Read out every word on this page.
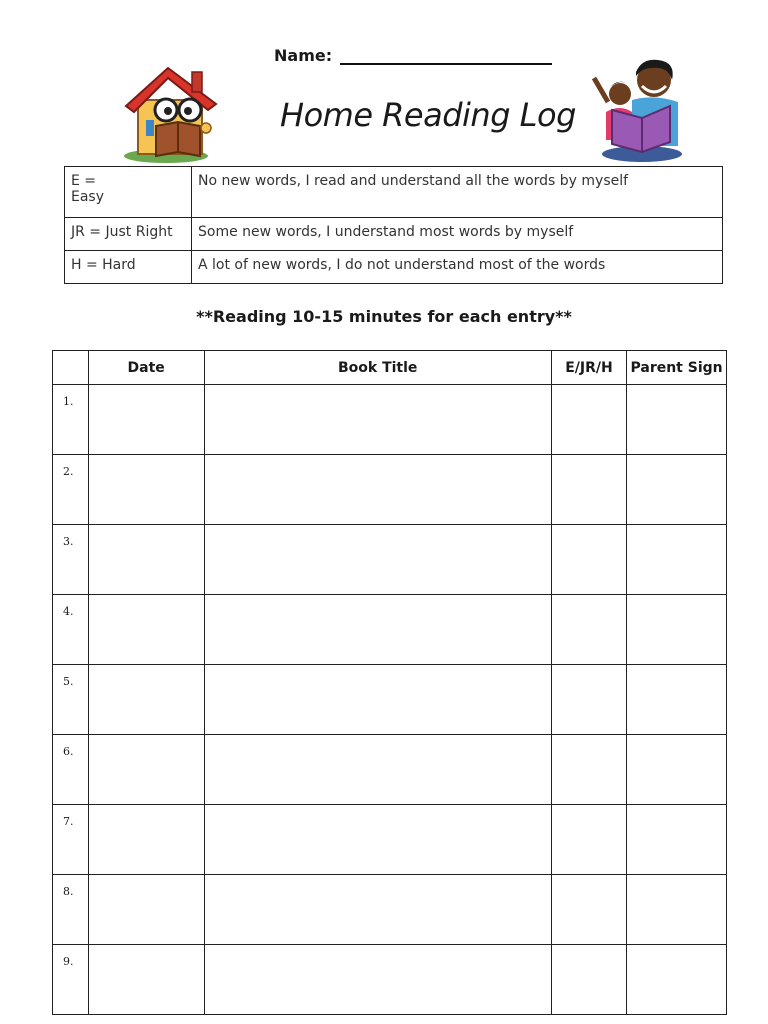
Name:
Home Reading Log
E =
Easy	No new words, I read and understand all the words by myself
JR = Just Right	Some new words, I understand most words by myself
H = Hard	A lot of new words, I do not understand most of the words
**Reading 10-15 minutes for each entry**
	Date	Book Title	E/JR/H	Parent Sign
1.				
2.				
3.				
4.				
5.				
6.				
7.				
8.				
9.				
